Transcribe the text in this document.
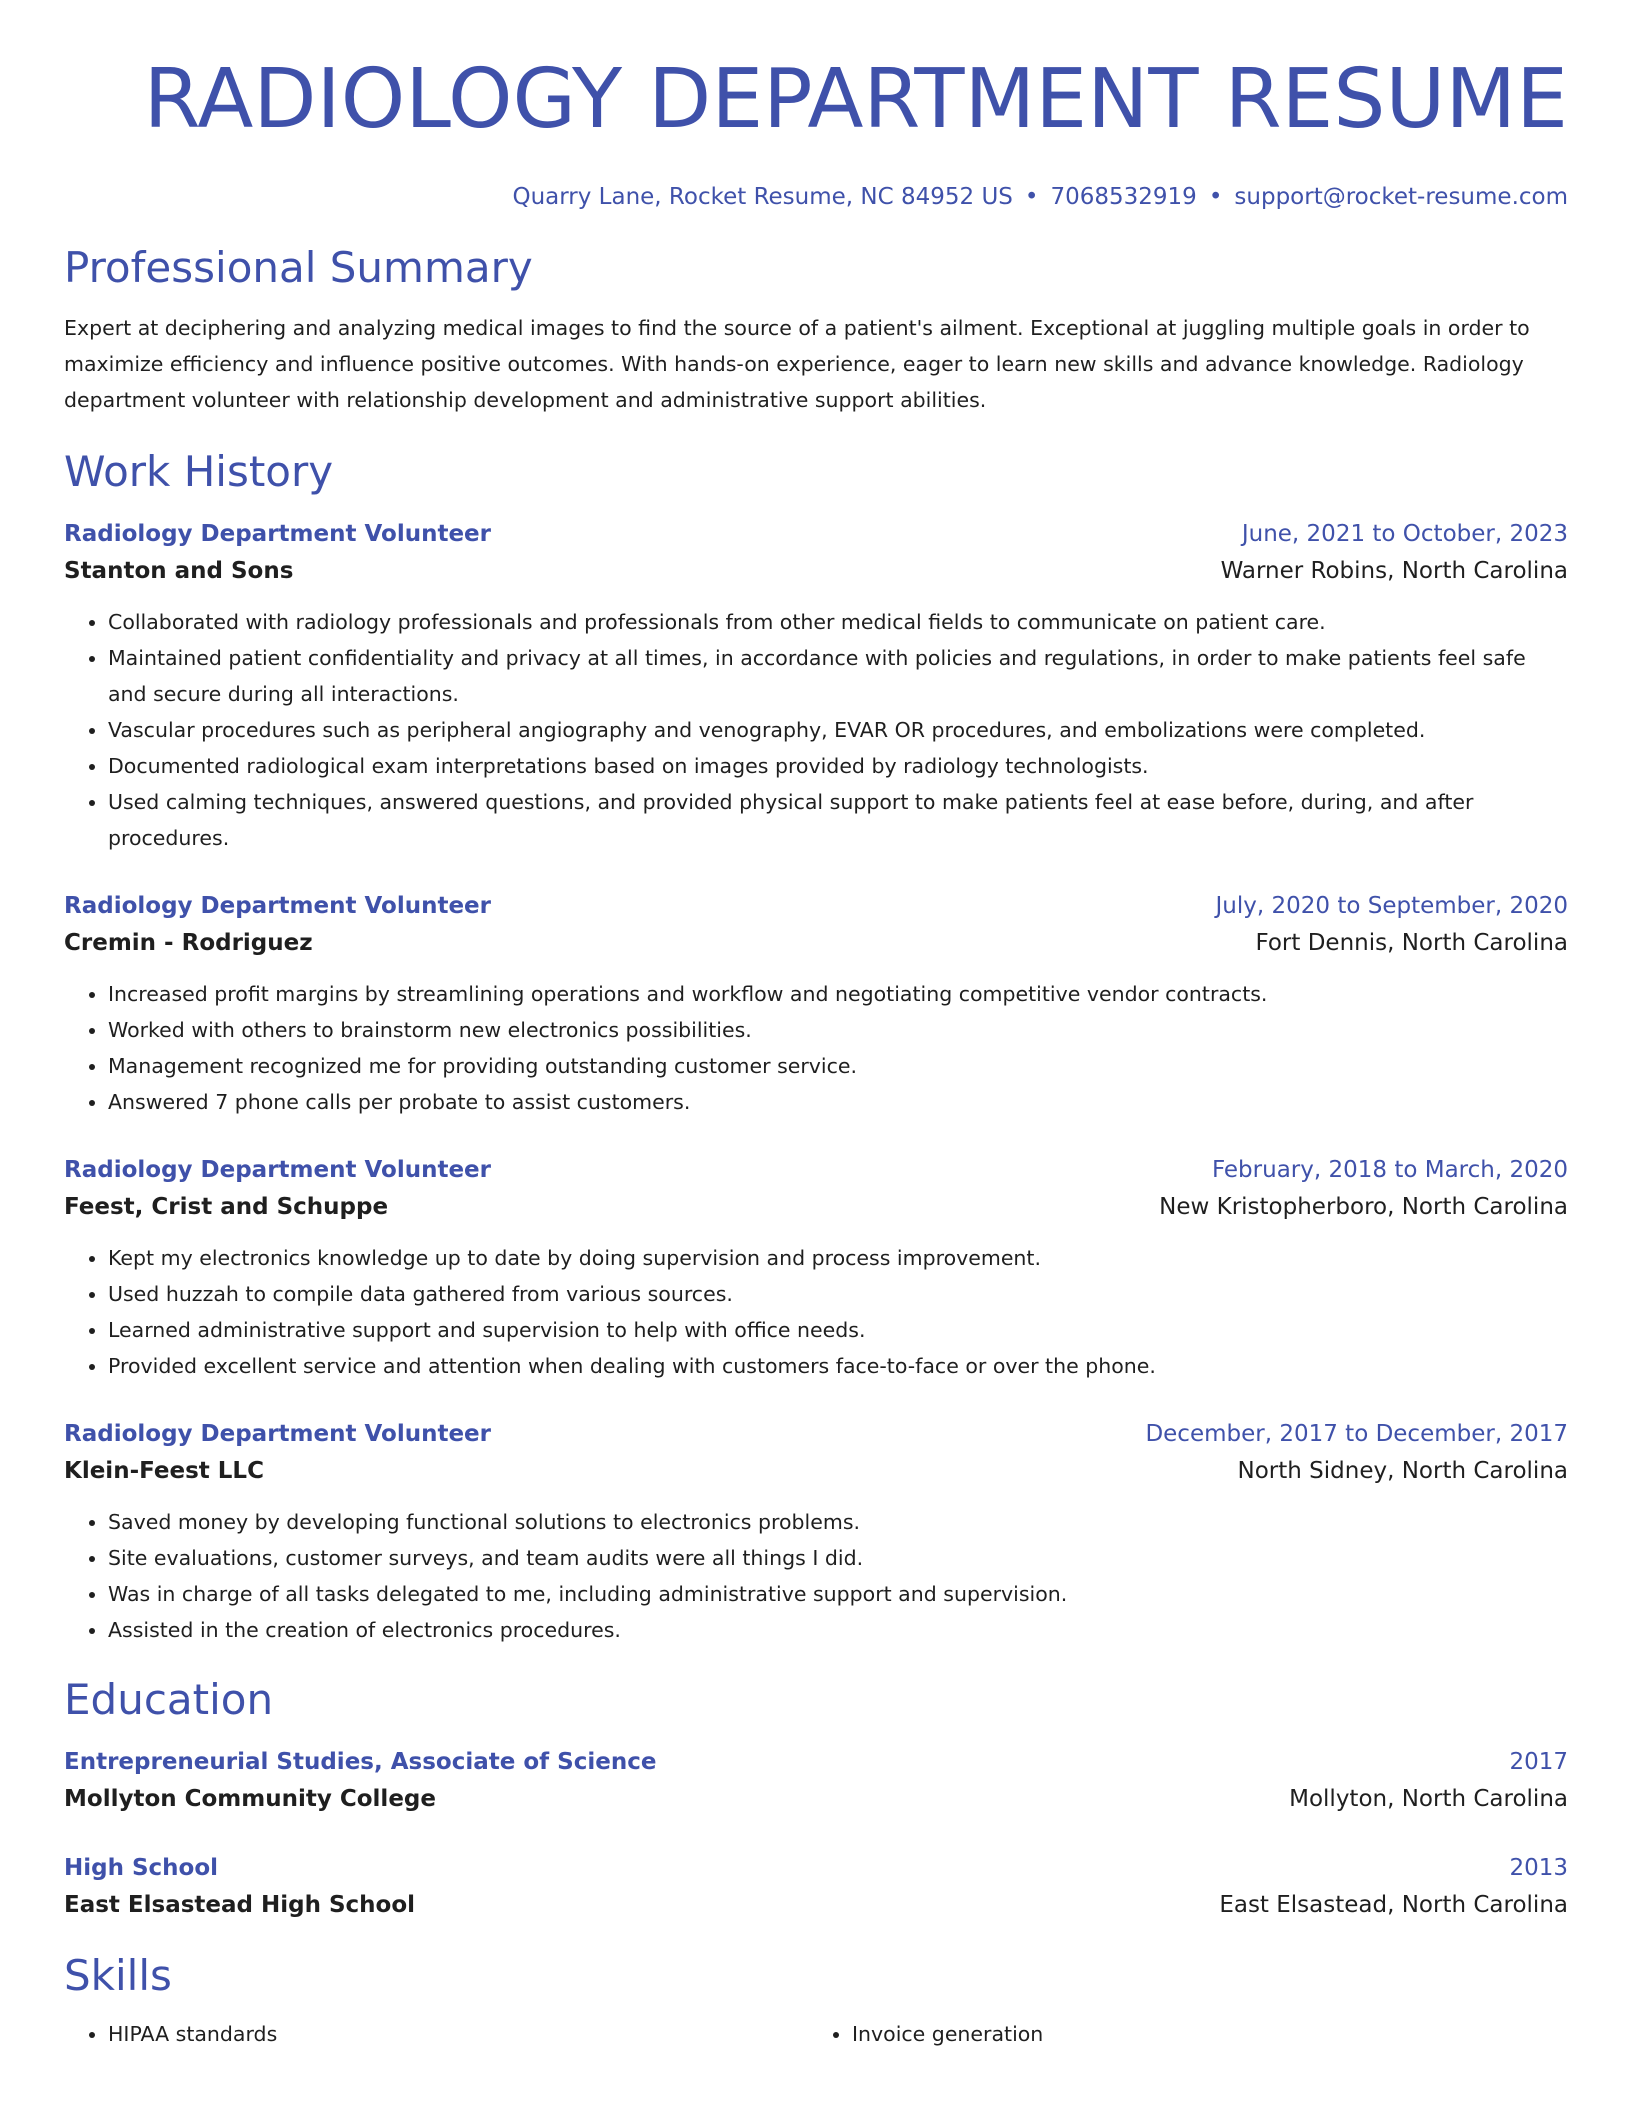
RADIOLOGY DEPARTMENT RESUME
Quarry Lane, Rocket Resume, NC 84952 US • 7068532919 • support@rocket-resume.com
Professional Summary
Expert at deciphering and analyzing medical images to find the source of a patient's ailment. Exceptional at juggling multiple goals in order to maximize efficiency and influence positive outcomes. With hands-on experience, eager to learn new skills and advance knowledge. Radiology department volunteer with relationship development and administrative support abilities.
Work History
Radiology Department Volunteer	June, 2021 to October, 2023
Stanton and Sons	Warner Robins, North Carolina
• Collaborated with radiology professionals and professionals from other medical fields to communicate on patient care.
• Maintained patient confidentiality and privacy at all times, in accordance with policies and regulations, in order to make patients feel safe and secure during all interactions.
• Vascular procedures such as peripheral angiography and venography, EVAR OR procedures, and embolizations were completed.
• Documented radiological exam interpretations based on images provided by radiology technologists.
• Used calming techniques, answered questions, and provided physical support to make patients feel at ease before, during, and after procedures.
Radiology Department Volunteer	July, 2020 to September, 2020
Cremin - Rodriguez	Fort Dennis, North Carolina
• Increased profit margins by streamlining operations and workflow and negotiating competitive vendor contracts.
• Worked with others to brainstorm new electronics possibilities.
• Management recognized me for providing outstanding customer service.
• Answered 7 phone calls per probate to assist customers.
Radiology Department Volunteer	February, 2018 to March, 2020
Feest, Crist and Schuppe	New Kristopherboro, North Carolina
• Kept my electronics knowledge up to date by doing supervision and process improvement.
• Used huzzah to compile data gathered from various sources.
• Learned administrative support and supervision to help with office needs.
• Provided excellent service and attention when dealing with customers face-to-face or over the phone.
Radiology Department Volunteer	December, 2017 to December, 2017
Klein-Feest LLC	North Sidney, North Carolina
• Saved money by developing functional solutions to electronics problems.
• Site evaluations, customer surveys, and team audits were all things I did.
• Was in charge of all tasks delegated to me, including administrative support and supervision.
• Assisted in the creation of electronics procedures.
Education
Entrepreneurial Studies, Associate of Science	2017
Mollyton Community College	Mollyton, North Carolina
High School	2013
East Elsastead High School	East Elsastead, North Carolina
Skills
• HIPAA standards
•	Invoice generation
